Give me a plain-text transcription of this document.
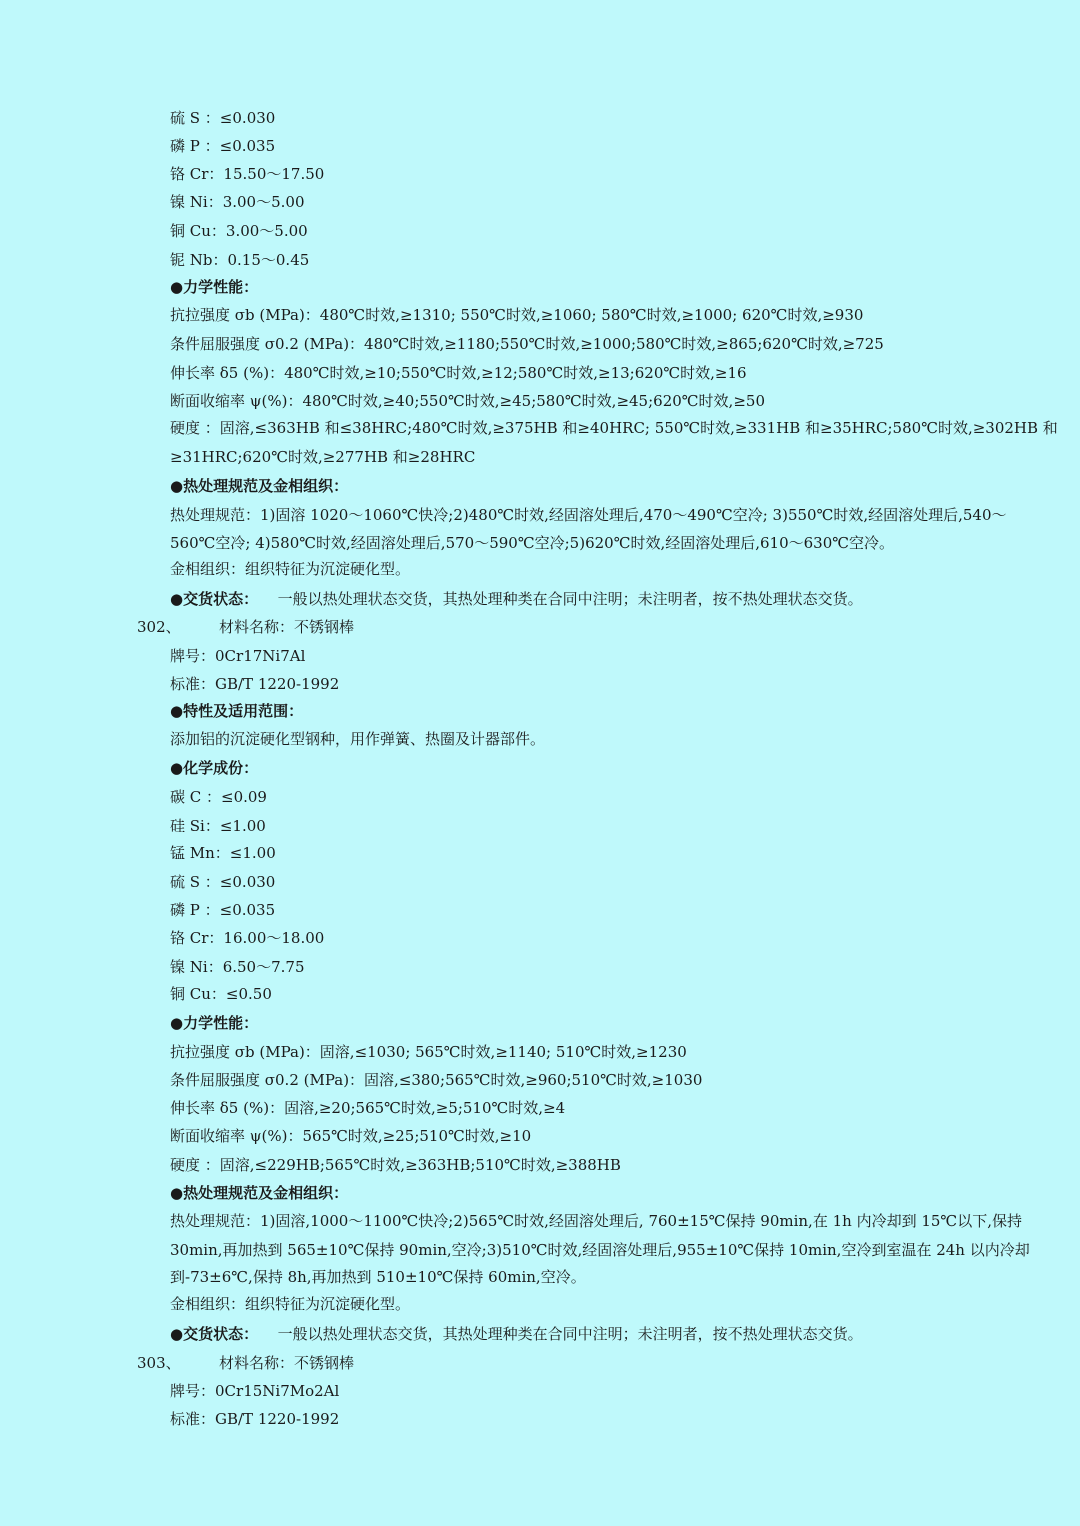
硫 S ：≤0.030
磷 P ：≤0.035
铬 Cr：15.50～17.50
镍 Ni：3.00～5.00
铜 Cu：3.00～5.00
铌 Nb：0.15～0.45
●力学性能：
抗拉强度 σb (MPa)：480℃时效,≥1310; 550℃时效,≥1060; 580℃时效,≥1000; 620℃时效,≥930
条件屈服强度 σ0.2 (MPa)：480℃时效,≥1180;550℃时效,≥1000;580℃时效,≥865;620℃时效,≥725
伸长率 δ5 (%)：480℃时效,≥10;550℃时效,≥12;580℃时效,≥13;620℃时效,≥16
断面收缩率 ψ(%)：480℃时效,≥40;550℃时效,≥45;580℃时效,≥45;620℃时效,≥50
硬度 ：固溶,≤363HB 和≤38HRC;480℃时效,≥375HB 和≥40HRC; 550℃时效,≥331HB 和≥35HRC;580℃时效,≥302HB 和
≥31HRC;620℃时效,≥277HB 和≥28HRC
●热处理规范及金相组织：
热处理规范：1)固溶 1020～1060℃快冷;2)480℃时效,经固溶处理后,470～490℃空冷; 3)550℃时效,经固溶处理后,540～
560℃空冷; 4)580℃时效,经固溶处理后,570～590℃空冷;5)620℃时效,经固溶处理后,610～630℃空冷。
金相组织：组织特征为沉淀硬化型。
●交货状态： 一般以热处理状态交货，其热处理种类在合同中注明；未注明者，按不热处理状态交货。
302、	材料名称：不锈钢棒
牌号：0Cr17Ni7Al
标准：GB/T 1220-1992
●特性及适用范围：
添加铝的沉淀硬化型钢种，用作弹簧、热圈及计器部件。
●化学成份：
碳 C ：≤0.09
硅 Si：≤1.00
锰 Mn：≤1.00
硫 S ：≤0.030
磷 P ：≤0.035
铬 Cr：16.00～18.00
镍 Ni：6.50～7.75
铜 Cu：≤0.50
●力学性能：
抗拉强度 σb (MPa)：固溶,≤1030; 565℃时效,≥1140; 510℃时效,≥1230
条件屈服强度 σ0.2 (MPa)：固溶,≤380;565℃时效,≥960;510℃时效,≥1030
伸长率 δ5 (%)：固溶,≥20;565℃时效,≥5;510℃时效,≥4
断面收缩率 ψ(%)：565℃时效,≥25;510℃时效,≥10
硬度 ：固溶,≤229HB;565℃时效,≥363HB;510℃时效,≥388HB
●热处理规范及金相组织：
热处理规范：1)固溶,1000～1100℃快冷;2)565℃时效,经固溶处理后, 760±15℃保持 90min,在 1h 内冷却到 15℃以下,保持
30min,再加热到 565±10℃保持 90min,空冷;3)510℃时效,经固溶处理后,955±10℃保持 10min,空冷到室温在 24h 以内冷却
到-73±6℃,保持 8h,再加热到 510±10℃保持 60min,空冷。
金相组织：组织特征为沉淀硬化型。
●交货状态： 一般以热处理状态交货，其热处理种类在合同中注明；未注明者，按不热处理状态交货。
303、	材料名称：不锈钢棒
牌号：0Cr15Ni7Mo2Al
标准：GB/T 1220-1992
